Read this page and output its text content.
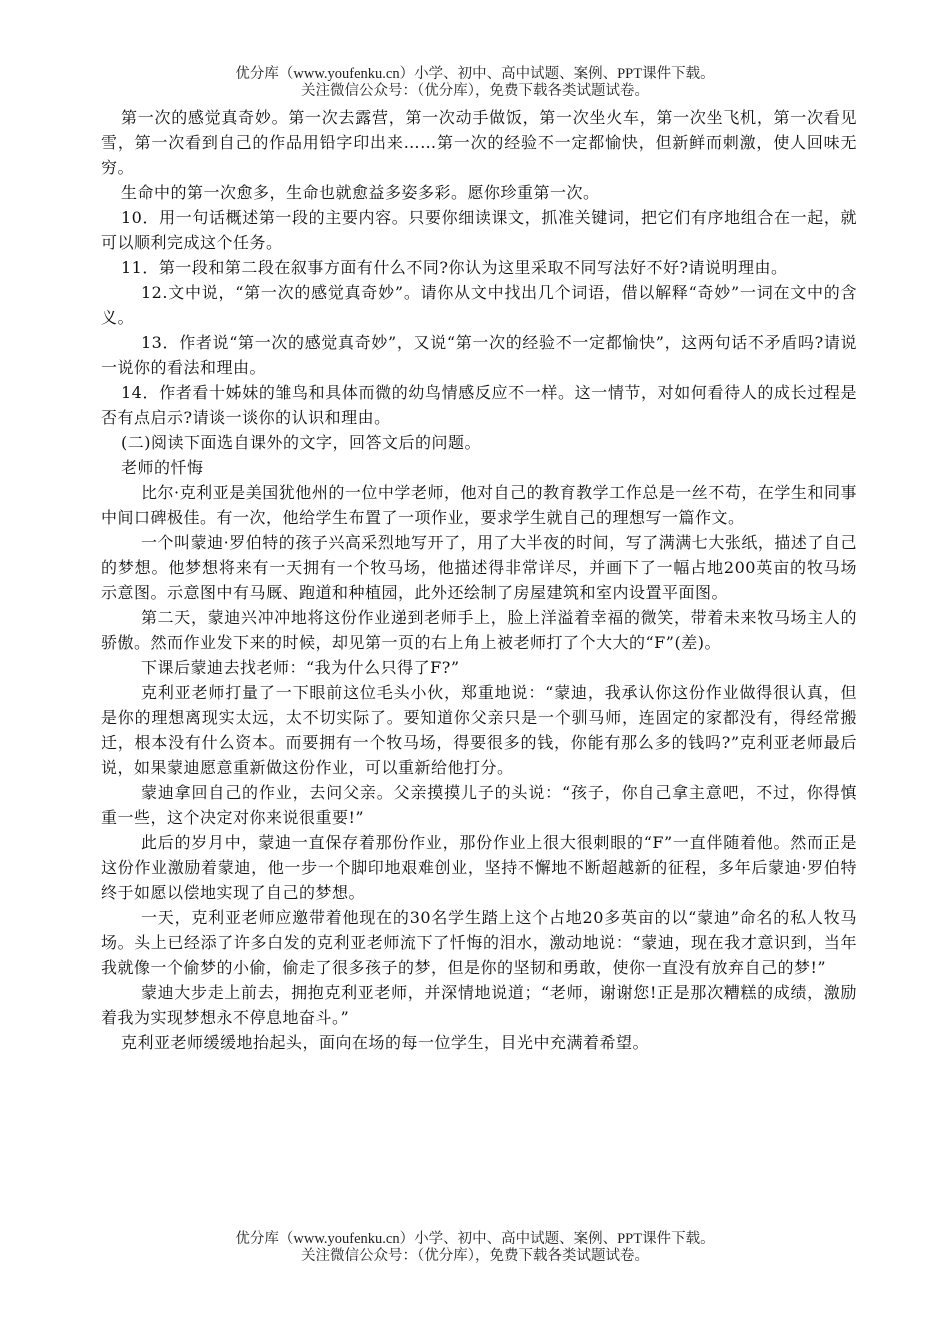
优分库（www.youfenku.cn）小学、初中、高中试题、案例、PPT课件下载。
关注微信公众号：（优分库），免费下载各类试题试卷。

第一次的感觉真奇妙。第一次去露营，第一次动手做饭，第一次坐火车，第一次坐飞机，第一次看见雪，第一次看到自己的作品用铅字印出来……第一次的经验不一定都愉快，但新鲜而刺激，使人回味无穷。

生命中的第一次愈多，生命也就愈益多姿多彩。愿你珍重第一次。

10．用一句话概述第一段的主要内容。只要你细读课文，抓准关键词，把它们有序地组合在一起，就可以顺利完成这个任务。

11．第一段和第二段在叙事方面有什么不同?你认为这里采取不同写法好不好?请说明理由。

12.文中说，“第一次的感觉真奇妙”。请你从文中找出几个词语，借以解释“奇妙”一词在文中的含义。

13．作者说“第一次的感觉真奇妙”，又说“第一次的经验不一定都愉快”，这两句话不矛盾吗?请说一说你的看法和理由。

14．作者看十姊妹的雏鸟和具体而微的幼鸟情感反应不一样。这一情节，对如何看待人的成长过程是否有点启示?请谈一谈你的认识和理由。

(二)阅读下面选自课外的文字，回答文后的问题。

老师的忏悔

比尔·克利亚是美国犹他州的一位中学老师，他对自己的教育教学工作总是一丝不苟，在学生和同事中间口碑极佳。有一次，他给学生布置了一项作业，要求学生就自己的理想写一篇作文。

一个叫蒙迪·罗伯特的孩子兴高采烈地写开了，用了大半夜的时间，写了满满七大张纸，描述了自己的梦想。他梦想将来有一天拥有一个牧马场，他描述得非常详尽，并画下了一幅占地200英亩的牧马场示意图。示意图中有马厩、跑道和种植园，此外还绘制了房屋建筑和室内设置平面图。

第二天，蒙迪兴冲冲地将这份作业递到老师手上，脸上洋溢着幸福的微笑，带着未来牧马场主人的骄傲。然而作业发下来的时候，却见第一页的右上角上被老师打了个大大的“F”(差)。

下课后蒙迪去找老师：“我为什么只得了F?”

克利亚老师打量了一下眼前这位毛头小伙，郑重地说：“蒙迪，我承认你这份作业做得很认真，但是你的理想离现实太远，太不切实际了。要知道你父亲只是一个驯马师，连固定的家都没有，得经常搬迁，根本没有什么资本。而要拥有一个牧马场，得要很多的钱，你能有那么多的钱吗?”克利亚老师最后说，如果蒙迪愿意重新做这份作业，可以重新给他打分。

蒙迪拿回自己的作业，去问父亲。父亲摸摸儿子的头说：“孩子，你自己拿主意吧，不过，你得慎重一些，这个决定对你来说很重要!”

此后的岁月中，蒙迪一直保存着那份作业，那份作业上很大很刺眼的“F”一直伴随着他。然而正是这份作业激励着蒙迪，他一步一个脚印地艰难创业，坚持不懈地不断超越新的征程，多年后蒙迪·罗伯特终于如愿以偿地实现了自己的梦想。

一天，克利亚老师应邀带着他现在的30名学生踏上这个占地20多英亩的以“蒙迪”命名的私人牧马场。头上已经添了许多白发的克利亚老师流下了忏悔的泪水，激动地说：“蒙迪，现在我才意识到，当年我就像一个偷梦的小偷，偷走了很多孩子的梦，但是你的坚韧和勇敢，使你一直没有放弃自己的梦!”

蒙迪大步走上前去，拥抱克利亚老师，并深情地说道；“老师，谢谢您!正是那次糟糕的成绩，激励着我为实现梦想永不停息地奋斗。”

克利亚老师缓缓地抬起头，面向在场的每一位学生，目光中充满着希望。

优分库（www.youfenku.cn）小学、初中、高中试题、案例、PPT课件下载。
关注微信公众号：（优分库），免费下载各类试题试卷。
